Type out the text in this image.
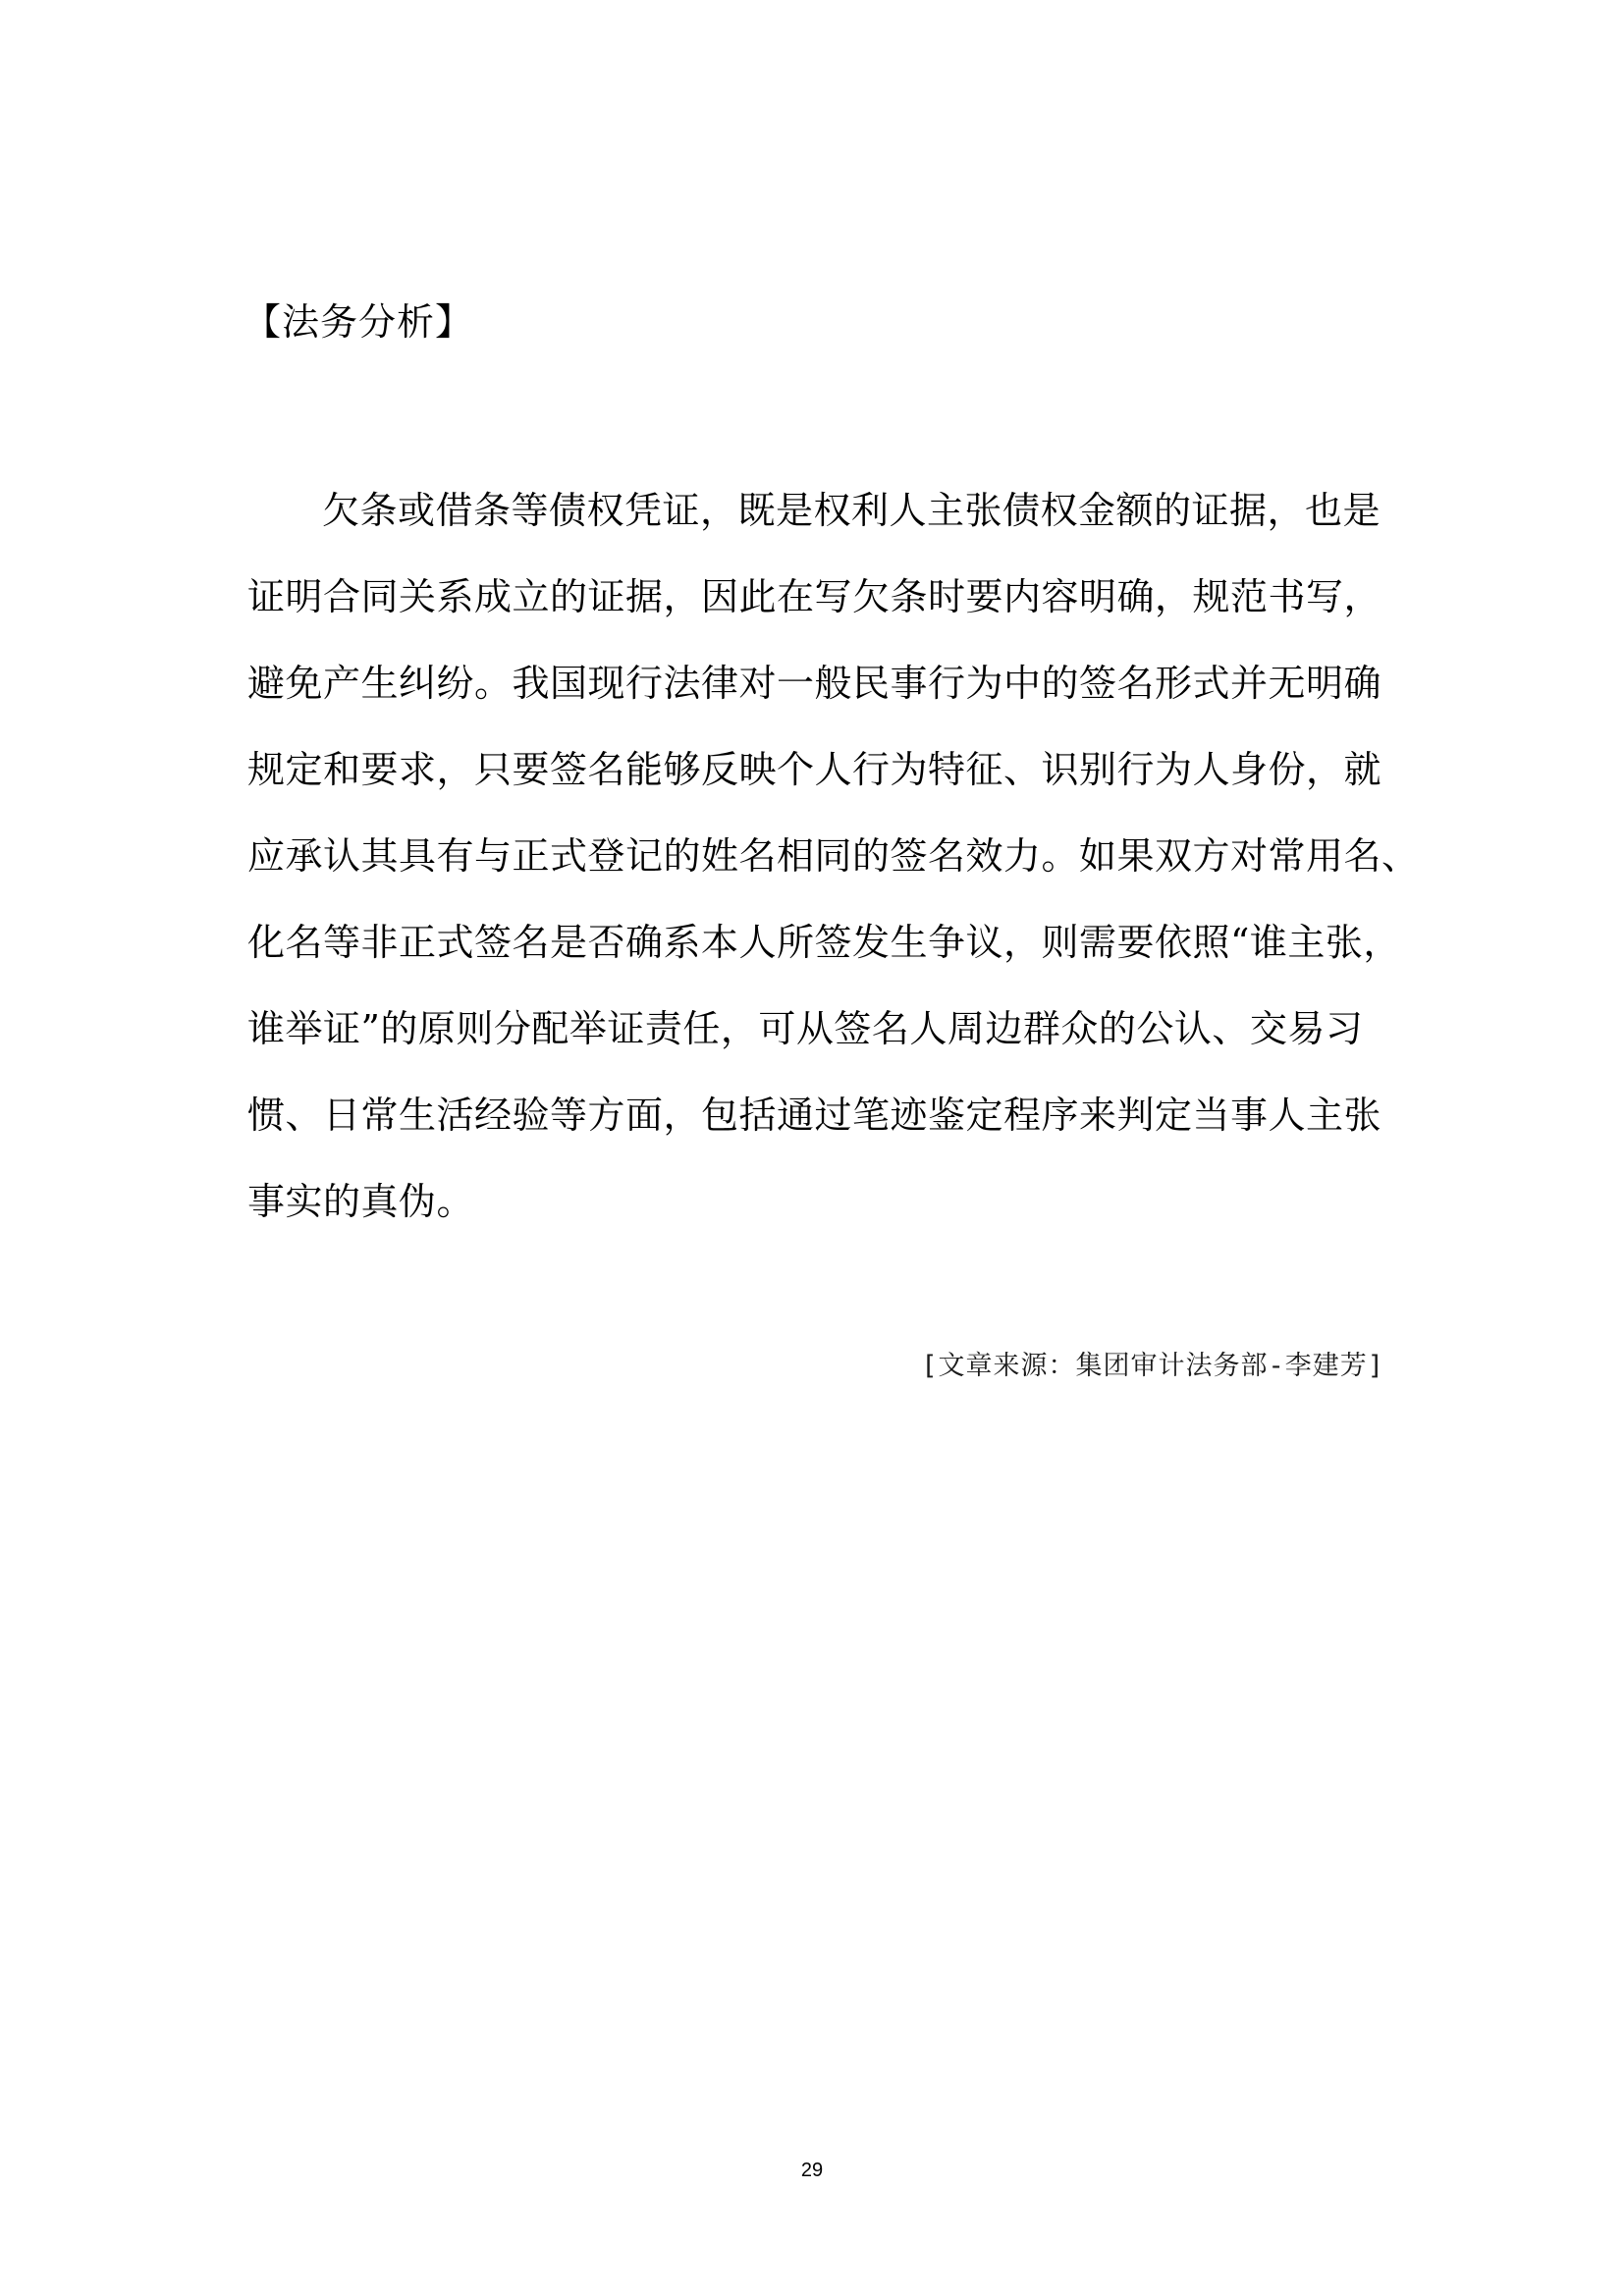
【法务分析】
欠条或借条等债权凭证，既是权利人主张债权金额的证据，也是
证明合同关系成立的证据，因此在写欠条时要内容明确，规范书写，
避免产生纠纷。我国现行法律对一般民事行为中的签名形式并无明确
规定和要求，只要签名能够反映个人行为特征、识别行为人身份，就
应承认其具有与正式登记的姓名相同的签名效力。如果双方对常用名、
化名等非正式签名是否确系本人所签发生争议，则需要依照“谁主张，
谁举证”的原则分配举证责任，可从签名人周边群众的公认、交易习
惯、日常生活经验等方面，包括通过笔迹鉴定程序来判定当事人主张
事实的真伪。
[文章来源：集团审计法务部-李建芳]
29
